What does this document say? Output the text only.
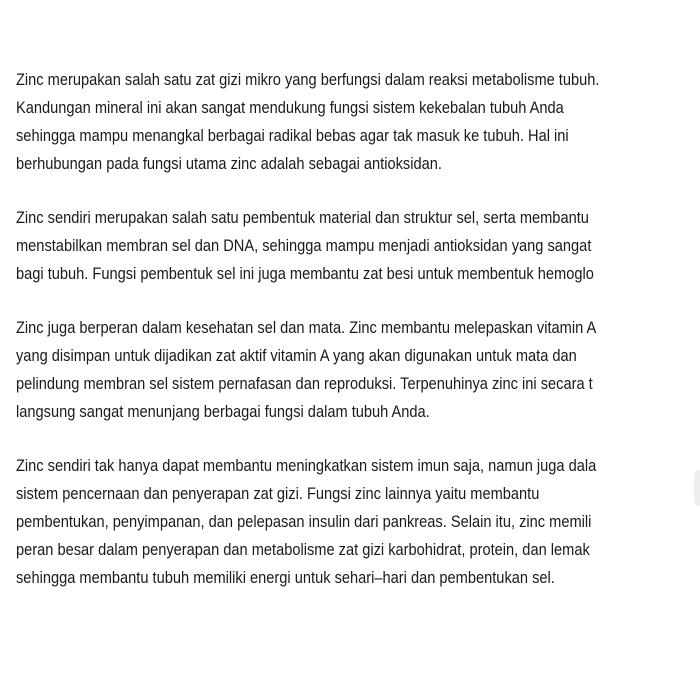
Zinc merupakan salah satu zat gizi mikro yang berfungsi dalam reaksi metabolisme tubuh.
Kandungan mineral ini akan sangat mendukung fungsi sistem kekebalan tubuh Anda
sehingga mampu menangkal berbagai radikal bebas agar tak masuk ke tubuh. Hal ini
berhubungan pada fungsi utama zinc adalah sebagai antioksidan.

Zinc sendiri merupakan salah satu pembentuk material dan struktur sel, serta membantu
menstabilkan membran sel dan DNA, sehingga mampu menjadi antioksidan yang sangat
bagi tubuh. Fungsi pembentuk sel ini juga membantu zat besi untuk membentuk hemoglo

Zinc juga berperan dalam kesehatan sel dan mata. Zinc membantu melepaskan vitamin A
yang disimpan untuk dijadikan zat aktif vitamin A yang akan digunakan untuk mata dan
pelindung membran sel sistem pernafasan dan reproduksi. Terpenuhinya zinc ini secara t
langsung sangat menunjang berbagai fungsi dalam tubuh Anda.

Zinc sendiri tak hanya dapat membantu meningkatkan sistem imun saja, namun juga dala
sistem pencernaan dan penyerapan zat gizi. Fungsi zinc lainnya yaitu membantu
pembentukan, penyimpanan, dan pelepasan insulin dari pankreas. Selain itu, zinc memili
peran besar dalam penyerapan dan metabolisme zat gizi karbohidrat, protein, dan lemak
sehingga membantu tubuh memiliki energi untuk sehari–hari dan pembentukan sel.
